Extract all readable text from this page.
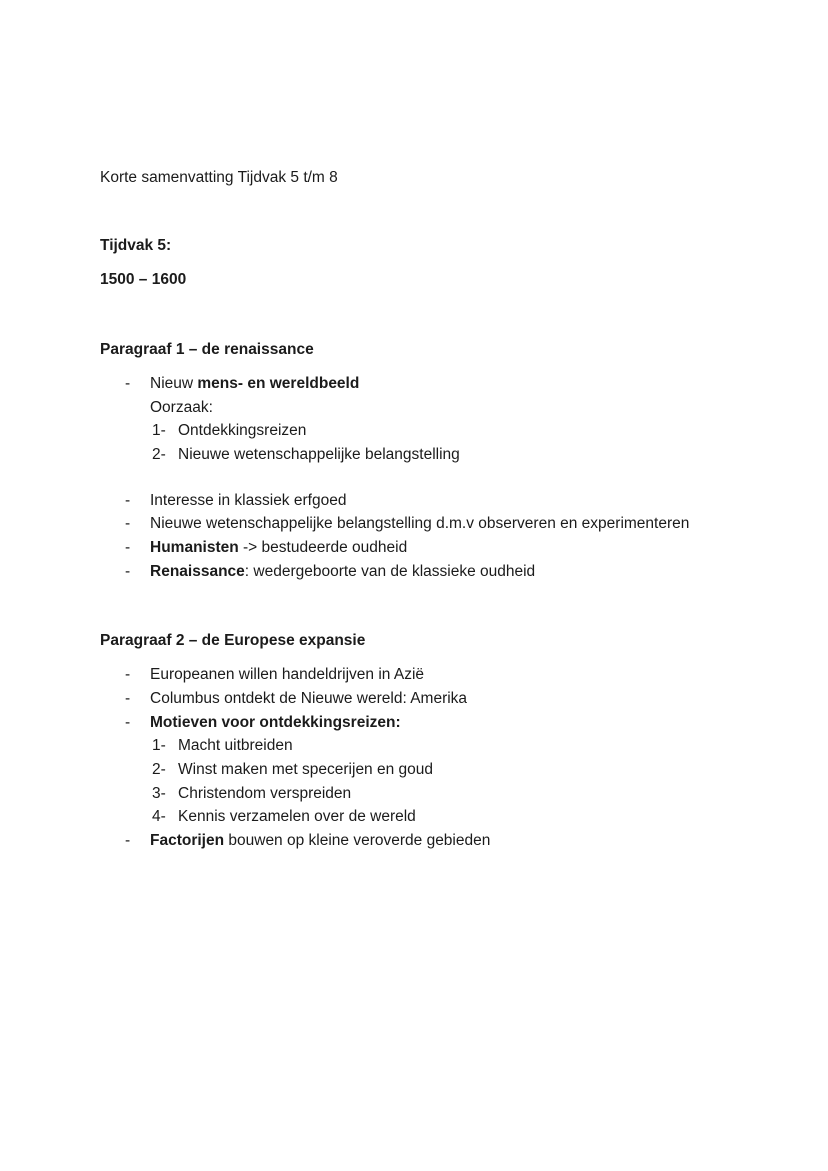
Korte samenvatting Tijdvak 5 t/m 8

Tijdvak 5:

1500 – 1600

Paragraaf 1 – de renaissance
-	Nieuw mens- en wereldbeeld
Oorzaak:
1- Ontdekkingsreizen
2- Nieuwe wetenschappelijke belangstelling
-	Interesse in klassiek erfgoed
-	Nieuwe wetenschappelijke belangstelling d.m.v observeren en experimenteren
-	Humanisten -> bestudeerde oudheid
-	Renaissance: wedergeboorte van de klassieke oudheid
Paragraaf 2 – de Europese expansie
-	Europeanen willen handeldrijven in Azië
-	Columbus ontdekt de Nieuwe wereld: Amerika
-	Motieven voor ontdekkingsreizen:
1- Macht uitbreiden
2- Winst maken met specerijen en goud
3- Christendom verspreiden
4- Kennis verzamelen over de wereld
-	Factorijen bouwen op kleine veroverde gebieden
